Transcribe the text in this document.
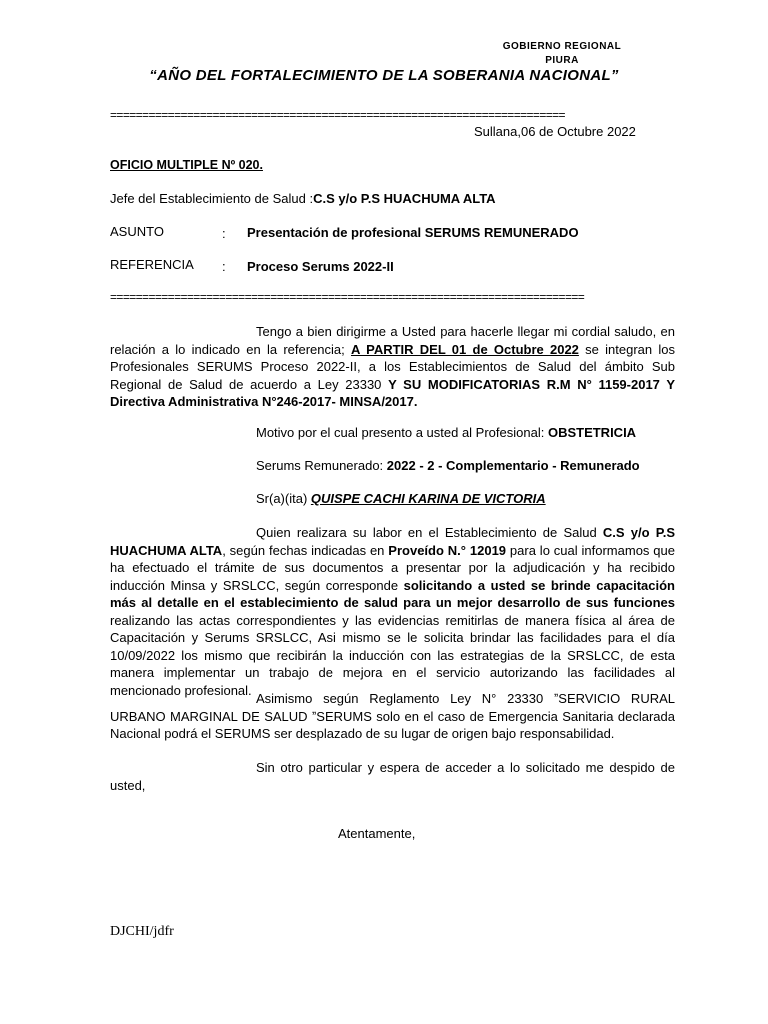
GOBIERNO REGIONAL
PIURA
“AÑO DEL FORTALECIMIENTO DE LA SOBERANIA NACIONAL”
=======================================================================
Sullana,06 de Octubre 2022
OFICIO MULTIPLE Nº 020.
Jefe del Establecimiento de Salud :C.S y/o P.S HUACHUMA ALTA
ASUNTO	: Presentación de profesional SERUMS REMUNERADO
REFERENCIA : Proceso Serums 2022-II
==========================================================================
Tengo a bien dirigirme a Usted para hacerle llegar mi cordial saludo, en relación a lo indicado en la referencia; A PARTIR DEL 01 de Octubre 2022 se integran los Profesionales SERUMS Proceso 2022-II, a los Establecimientos de Salud del ámbito Sub Regional de Salud de acuerdo a Ley 23330 Y SU MODIFICATORIAS R.M N° 1159-2017 Y Directiva Administrativa N°246-2017- MINSA/2017.
Motivo por el cual presento a usted al Profesional: OBSTETRICIA
Serums Remunerado: 2022 - 2 - Complementario - Remunerado
Sr(a)(ita) QUISPE CACHI KARINA DE VICTORIA
Quien realizara su labor en el Establecimiento de Salud C.S y/o P.S HUACHUMA ALTA, según fechas indicadas en Proveído N.° 12019 para lo cual informamos que ha efectuado el trámite de sus documentos a presentar por la adjudicación y ha recibido inducción Minsa y SRSLCC, según corresponde solicitando a usted se brinde capacitación más al detalle en el establecimiento de salud para un mejor desarrollo de sus funciones realizando las actas correspondientes y las evidencias remitirlas de manera física al área de Capacitación y Serums SRSLCC, Asi mismo se le solicita brindar las facilidades para el día 10/09/2022 los mismo que recibirán la inducción con las estrategias de la SRSLCC, de esta manera implementar un trabajo de mejora en el servicio autorizando las facilidades al mencionado profesional.
Asimismo según Reglamento Ley N° 23330 ˮSERVICIO RURAL URBANO MARGINAL DE SALUD ˮSERUMS solo en el caso de Emergencia Sanitaria declarada Nacional podrá el SERUMS ser desplazado de su lugar de origen bajo responsabilidad.
Sin otro particular y espera de acceder a lo solicitado me despido de usted,
Atentamente,
DJCHI/jdfr
